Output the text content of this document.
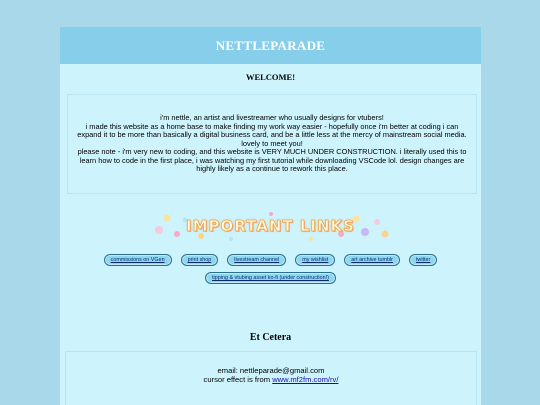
NETTLEPARADE
WELCOME!

i'm nettle, an artist and livestreamer who usually designs for vtubers!

i made this website as a home base to make finding my work way easier - hopefully once i'm better at coding i can expand it to be more than basically a digital business card, and be a little less at the mercy of mainstream social media.

lovely to meet you!

please note - i'm very new to coding, and this website is VERY MUCH UNDER CONSTRUCTION. i literally used this to learn how to code in the first place, i was watching my first tutorial while downloading VSCode lol. design changes are highly likely as a continue to rework this place.

IMPORTANT LINKS
commissions on VGen	print shop	livestream channel	my wishlist	art archive tumblr	twitter
tipping & vtubing asset ko-fi (under construction!)
Et Cetera
email: nettleparade@gmail.com
cursor effect is from www.mf2fm.com/rv/
